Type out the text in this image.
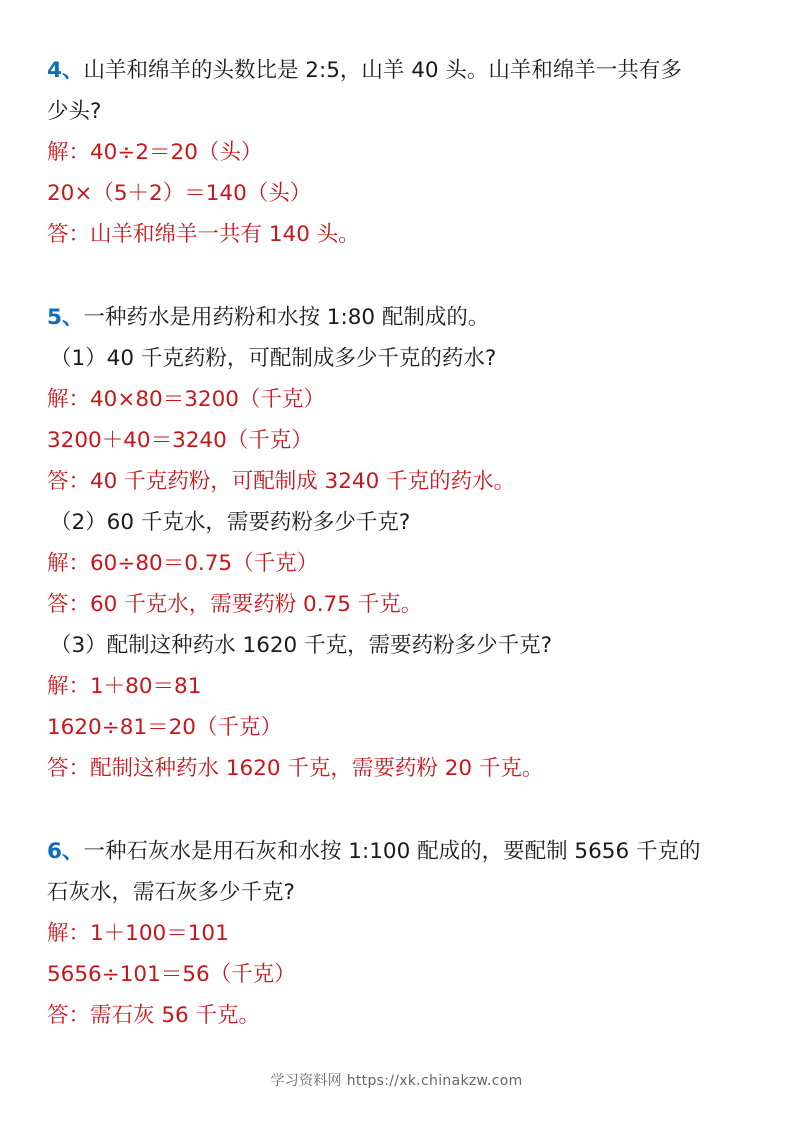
4、山羊和绵羊的头数比是 2:5，山羊 40 头。山羊和绵羊一共有多
少头?
解：40÷2＝20（头）
20×（5＋2）＝140（头）
答：山羊和绵羊一共有 140 头。
5、一种药水是用药粉和水按 1:80 配制成的。
（1）40 千克药粉，可配制成多少千克的药水?
解：40×80＝3200（千克）
3200＋40＝3240（千克）
答：40 千克药粉，可配制成 3240 千克的药水。
（2）60 千克水，需要药粉多少千克?
解：60÷80＝0.75（千克）
答：60 千克水，需要药粉 0.75 千克。
（3）配制这种药水 1620 千克，需要药粉多少千克?
解：1＋80＝81
1620÷81＝20（千克）
答：配制这种药水 1620 千克，需要药粉 20 千克。
6、一种石灰水是用石灰和水按 1:100 配成的，要配制 5656 千克的
石灰水，需石灰多少千克?
解：1＋100＝101
5656÷101＝56（千克）
答：需石灰 56 千克。
学习资料网 https://xk.chinakzw.com
